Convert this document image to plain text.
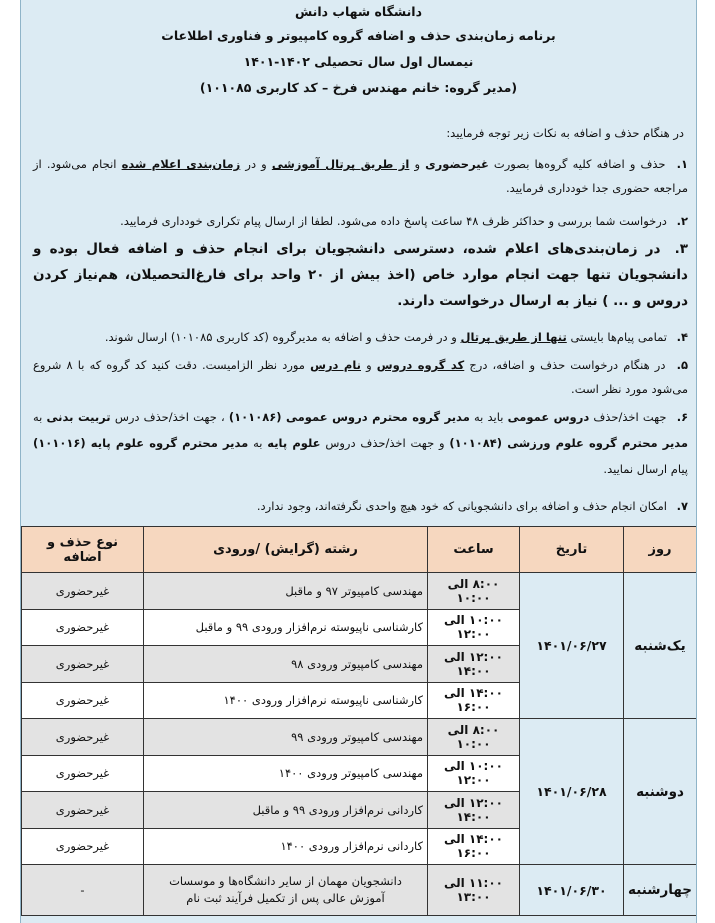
دانشگاه شهاب دانش
برنامه زمان‌بندی حذف و اضافه گروه کامپیوتر و فناوری اطلاعات
نیمسال اول سال تحصیلی ۱۴۰۲-۱۴۰۱
(مدیر گروه: خانم مهندس فرخ – کد کاربری ۱۰۱۰۸۵)
در هنگام حذف و اضافه به نکات زیر توجه فرمایید:
۱. حذف و اضافه کلیه گروه‌ها بصورت غیرحضوری و از طریق پرتال آموزشی و در زمان‌بندی اعلام شده انجام می‌شود. از مراجعه حضوری جدا خودداری فرمایید.
۲. درخواست شما بررسی و حداکثر ظرف ۴۸ ساعت پاسخ داده می‌شود. لطفا از ارسال پیام تکراری خودداری فرمایید.
۳. در زمان‌بندی‌های اعلام شده، دسترسی دانشجویان برای انجام حذف و اضافه فعال بوده و دانشجویان تنها جهت انجام موارد خاص (اخذ بیش از ۲۰ واحد برای فارغ‌التحصیلان، هم‌نیاز کردن دروس و ... ) نیاز به ارسال درخواست دارند.
۴. تمامی پیام‌ها بایستی تنها از طریق پرتال و در فرمت حذف و اضافه به مدیرگروه (کد کاربری ۱۰۱۰۸۵) ارسال شوند.
۵. در هنگام درخواست حذف و اضافه، درج کد گروه دروس و نام درس مورد نظر الزامیست. دقت کنید کد گروه که با ۸ شروع می‌شود مورد نظر است.
۶. جهت اخذ/حذف دروس عمومی باید به مدیر گروه محترم دروس عمومی (۱۰۱۰۸۶) ، جهت اخذ/حذف درس تربیت بدنی به مدیر محترم گروه علوم ورزشی (۱۰۱۰۸۴) و جهت اخذ/حذف دروس علوم پایه به مدیر محترم گروه علوم پایه (۱۰۱۰۱۶) پیام ارسال نمایید.
۷. امکان انجام حذف و اضافه برای دانشجویانی که خود هیچ واحدی نگرفته‌اند، وجود ندارد.
روز	تاریخ	ساعت	رشته (گرایش) /ورودی	نوع حذف و اضافه
یک‌شنبه	۱۴۰۱/۰۶/۲۷	۸:۰۰ الی ۱۰:۰۰	مهندسی کامپیوتر ۹۷ و ماقبل	غیرحضوری
		۱۰:۰۰ الی ۱۲:۰۰	کارشناسی ناپیوسته نرم‌افزار ورودی ۹۹ و ماقبل	غیرحضوری
		۱۲:۰۰ الی ۱۴:۰۰	مهندسی کامپیوتر ورودی ۹۸	غیرحضوری
		۱۴:۰۰ الی ۱۶:۰۰	کارشناسی ناپیوسته نرم‌افزار ورودی ۱۴۰۰	غیرحضوری
دوشنبه	۱۴۰۱/۰۶/۲۸	۸:۰۰ الی ۱۰:۰۰	مهندسی کامپیوتر ورودی ۹۹	غیرحضوری
		۱۰:۰۰ الی ۱۲:۰۰	مهندسی کامپیوتر ورودی ۱۴۰۰	غیرحضوری
		۱۲:۰۰ الی ۱۴:۰۰	کاردانی نرم‌افزار ورودی ۹۹ و ماقبل	غیرحضوری
		۱۴:۰۰ الی ۱۶:۰۰	کاردانی نرم‌افزار ورودی ۱۴۰۰	غیرحضوری
چهارشنبه	۱۴۰۱/۰۶/۳۰	۱۱:۰۰ الی ۱۳:۰۰	دانشجویان مهمان از سایر دانشگاه‌ها و موسسات
آموزش عالی پس از تکمیل فرآیند ثبت نام	-
